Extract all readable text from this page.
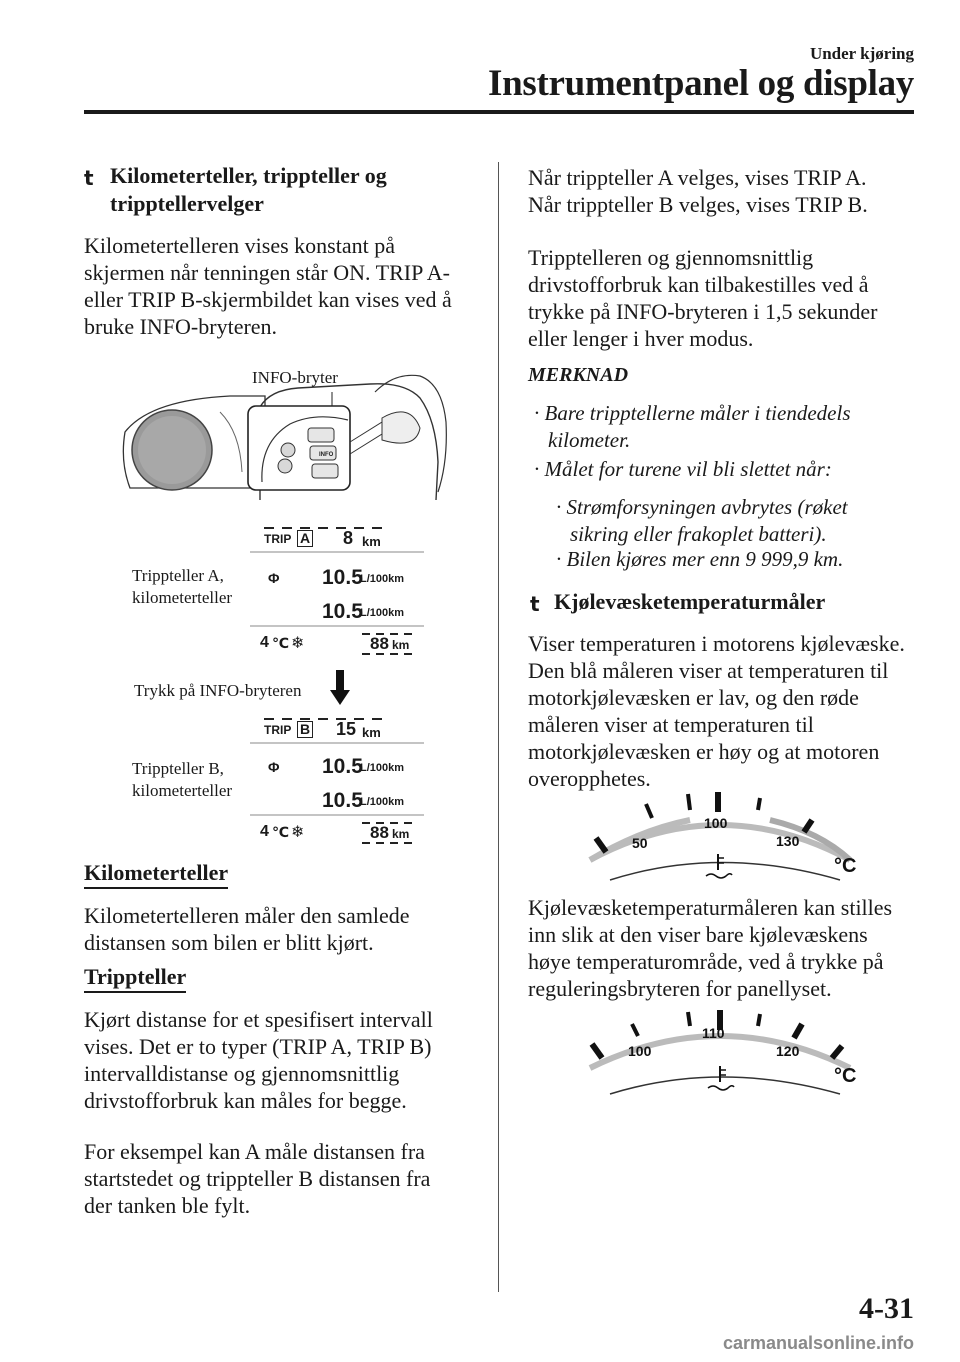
Under kjøring
Instrumentpanel og display
t Kilometerteller, trippteller og
tripptellervelger
Kilometertelleren vises konstant på
skjermen når tenningen står ON. TRIP A-
eller TRIP B-skjermbildet kan vises ved å
bruke INFO-bryteren.
INFO-bryter
INFO
Trippteller A,
kilometerteller
TRIP A 8 km
Φ 10.5
L/100km
10.5
L/100km
4 ℃ ❄	88 km
Trykk på INFO-bryteren
Trippteller B,
kilometerteller
TRIP B 15 km
Φ 10.5
L/100km
10.5
L/100km
4 ℃ ❄	88 km
Kilometerteller
Kilometertelleren måler den samlede
distansen som bilen er blitt kjørt.
Trippteller
Kjørt distanse for et spesifisert intervall
vises. Det er to typer (TRIP A, TRIP B)
intervalldistanse og gjennomsnittlig
drivstofforbruk kan måles for begge.
For eksempel kan A måle distansen fra
startstedet og trippteller B distansen fra
der tanken ble fylt.
Når trippteller A velges, vises TRIP A.
Når trippteller B velges, vises TRIP B.
Tripptelleren og gjennomsnittlig
drivstofforbruk kan tilbakestilles ved å
trykke på INFO-bryteren i 1,5 sekunder
eller lenger i hver modus.
MERKNAD
· Bare tripptellerne måler i tiendedels
kilometer.
· Målet for turene vil bli slettet når:
· Strømforsyningen avbrytes (røket
sikring eller frakoplet batteri).
· Bilen kjøres mer enn 9 999,9 km.
t Kjølevæsketemperaturmåler
Viser temperaturen i motorens kjølevæske.
Den blå måleren viser at temperaturen til
motorkjølevæsken er lav, og den røde
måleren viser at temperaturen til
motorkjølevæsken er høy og at motoren
overopphetes.
50
100
130
°C
Kjølevæsketemperaturmåleren kan stilles
inn slik at den viser bare kjølevæskens
høye temperaturområde, ved å trykke på
reguleringsbryteren for panellyset.
100
110
120
°C
4-31
carmanualsonline.info
